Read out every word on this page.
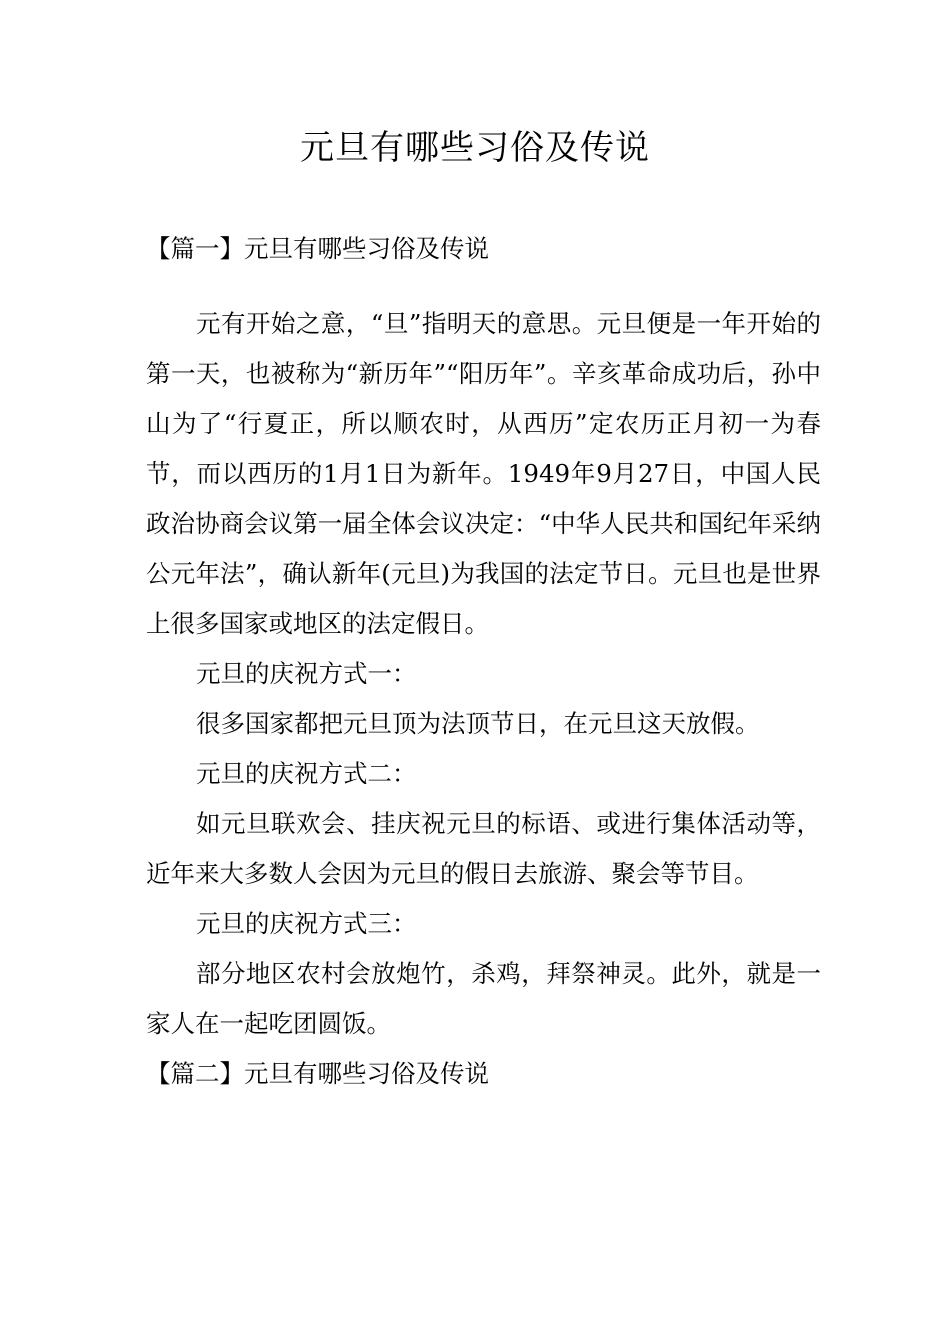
元旦有哪些习俗及传说

【篇一】元旦有哪些习俗及传说

元有开始之意，“旦”指明天的意思。元旦便是一年开始的第一天，也被称为“新历年”“阳历年”。辛亥革命成功后，孙中山为了“行夏正，所以顺农时，从西历”定农历正月初一为春节，而以西历的1月1日为新年。1949年9月27日，中国人民政治协商会议第一届全体会议决定：“中华人民共和国纪年采纳公元年法”，确认新年(元旦)为我国的法定节日。元旦也是世界上很多国家或地区的法定假日。

元旦的庆祝方式一：

很多国家都把元旦顶为法顶节日，在元旦这天放假。

元旦的庆祝方式二：

如元旦联欢会、挂庆祝元旦的标语、或进行集体活动等，近年来大多数人会因为元旦的假日去旅游、聚会等节目。

元旦的庆祝方式三：

部分地区农村会放炮竹，杀鸡，拜祭神灵。此外，就是一家人在一起吃团圆饭。

【篇二】元旦有哪些习俗及传说
